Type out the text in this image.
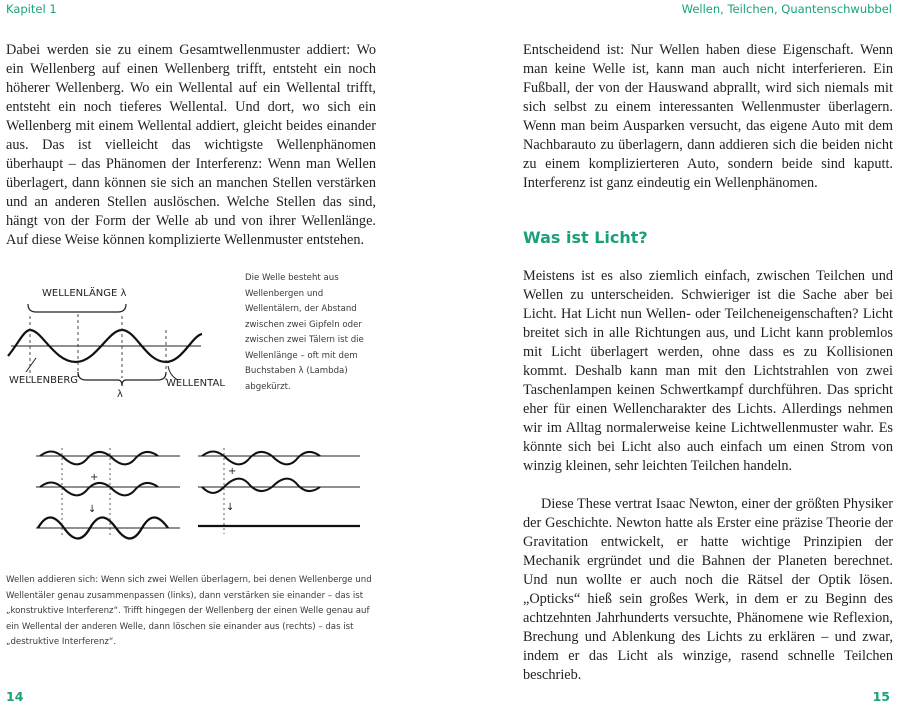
Kapitel 1	Wellen, Teilchen, Quantenschwubbel

Dabei werden sie zu einem Gesamtwellenmuster addiert: Wo ein Wellenberg auf einen Wellenberg trifft, entsteht ein noch höherer Wellenberg. Wo ein Wellental auf ein Wellental trifft, entsteht ein noch tieferes Wellental. Und dort, wo sich ein Wellenberg mit einem Wellental addiert, gleicht beides einander aus. Das ist vielleicht das wichtigste Wellenphänomen überhaupt – das Phänomen der Interferenz: Wenn man Wellen überlagert, dann können sie sich an manchen Stellen verstärken und an anderen Stellen auslöschen. Welche Stellen das sind, hängt von der Form der Welle ab und von ihrer Wellenlänge. Auf diese Weise können komplizierte Wellenmuster entstehen.

WELLENLÄNGE λ
λ
WELLENBERG	WELLENTAL

Die Welle besteht aus Wellenbergen und Wellentälern, der Abstand zwischen zwei Gipfeln oder zwischen zwei Tälern ist die Wellenlänge – oft mit dem Buchstaben λ (Lambda) abgekürzt.

+
↓
+
↓

Wellen addieren sich: Wenn sich zwei Wellen überlagern, bei denen Wellenberge und Wellentäler genau zusammenpassen (links), dann verstärken sie einander – das ist „konstruktive Interferenz“. Trifft hingegen der Wellenberg der einen Welle genau auf ein Wellental der anderen Welle, dann löschen sie einander aus (rechts) – das ist „destruktive Interferenz“.

14

Entscheidend ist: Nur Wellen haben diese Eigenschaft. Wenn man keine Welle ist, kann man auch nicht interferieren. Ein Fußball, der von der Hauswand abprallt, wird sich niemals mit sich selbst zu einem interessanten Wellenmuster überlagern. Wenn man beim Ausparken versucht, das eigene Auto mit dem Nachbarauto zu überlagern, dann addieren sich die beiden nicht zu einem komplizierteren Auto, sondern beide sind kaputt. Interferenz ist ganz eindeutig ein Wellenphänomen.

Was ist Licht?

Meistens ist es also ziemlich einfach, zwischen Teilchen und Wellen zu unterscheiden. Schwieriger ist die Sache aber bei Licht. Hat Licht nun Wellen- oder Teilcheneigenschaften? Licht breitet sich in alle Richtungen aus, und Licht kann problemlos mit Licht überlagert werden, ohne dass es zu Kollisionen kommt. Deshalb kann man mit den Lichtstrahlen von zwei Taschenlampen keinen Schwertkampf durchführen. Das spricht eher für einen Wellencharakter des Lichts. Allerdings nehmen wir im Alltag normalerweise keine Lichtwellenmuster wahr. Es könnte sich bei Licht also auch einfach um einen Strom von winzig kleinen, sehr leichten Teilchen handeln.

Diese These vertrat Isaac Newton, einer der größten Physiker der Geschichte. Newton hatte als Erster eine präzise Theorie der Gravitation entwickelt, er hatte wichtige Prinzipien der Mechanik ergründet und die Bahnen der Planeten berechnet. Und nun wollte er auch noch die Rätsel der Optik lösen. „Opticks“ hieß sein großes Werk, in dem er zu Beginn des achtzehnten Jahrhunderts versuchte, Phänomene wie Reflexion, Brechung und Ablenkung des Lichts zu erklären – und zwar, indem er das Licht als winzige, rasend schnelle Teilchen beschrieb.

15
